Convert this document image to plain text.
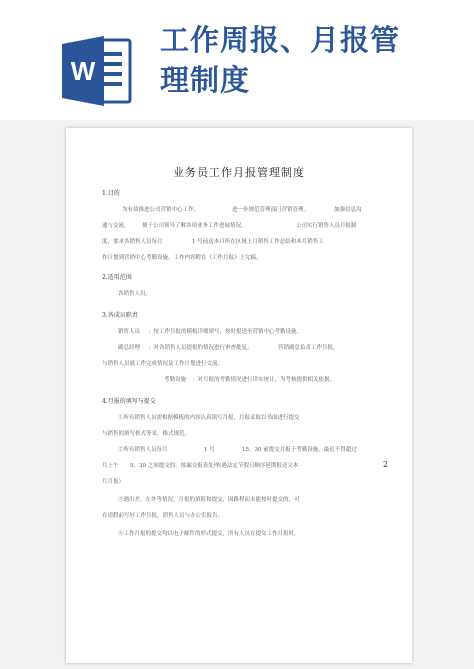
W
工作周报、月报管
理制度
业务员工作月报管理制度
1.目的
为有效推进公司营销中心工作。	进一步规范管理部门营销管理。	加强信息沟
通与交流， 便于公司领导了解各项业务工作进展情况，	公司实行销售人员月报制
度，要求各销售人员每月	1 号前送本月所在区域上月销售工作总结和本月销售工
作计划到营销中心考勤设施。工作内容附在《工作月报》上完稿。
2.适用范围
各销售人员。
3.各成员职责
销售人员 ：按工作月报的模板详细填写，按时报送至营销中心考勤设施。
副总经理 ：对各销售人员提报的情况进行审查批复。	营销副总负责工作月报，
与销售人员就工作完成情况及工作计划进行交流。
考勤设施 ：对月报的考勤情况进行详实统计，为考核提供相关依据。
4.月报的填写与提交
①所有销售人员需根据模板的内容认真填写月报，月报采取以书面进行提交
与销售的填写格式等采，格式规范。
②所有销售人员每月	1 号	15、30 前提交月报于考勤设施，最迟不得超过
2
月上午 9、30 之间提交的。按漏交报表处理(遇法定节假日顺序延期报送文本
月月报）
③遇出差，在外等情况，月报的填报和提交，因路程而未能按时提交的，可
在请假前写好工作月报，销售人员与办公室报告。
④工作月报的提交均以电子邮件的形式提交，所有人员在提交工作月报时，
